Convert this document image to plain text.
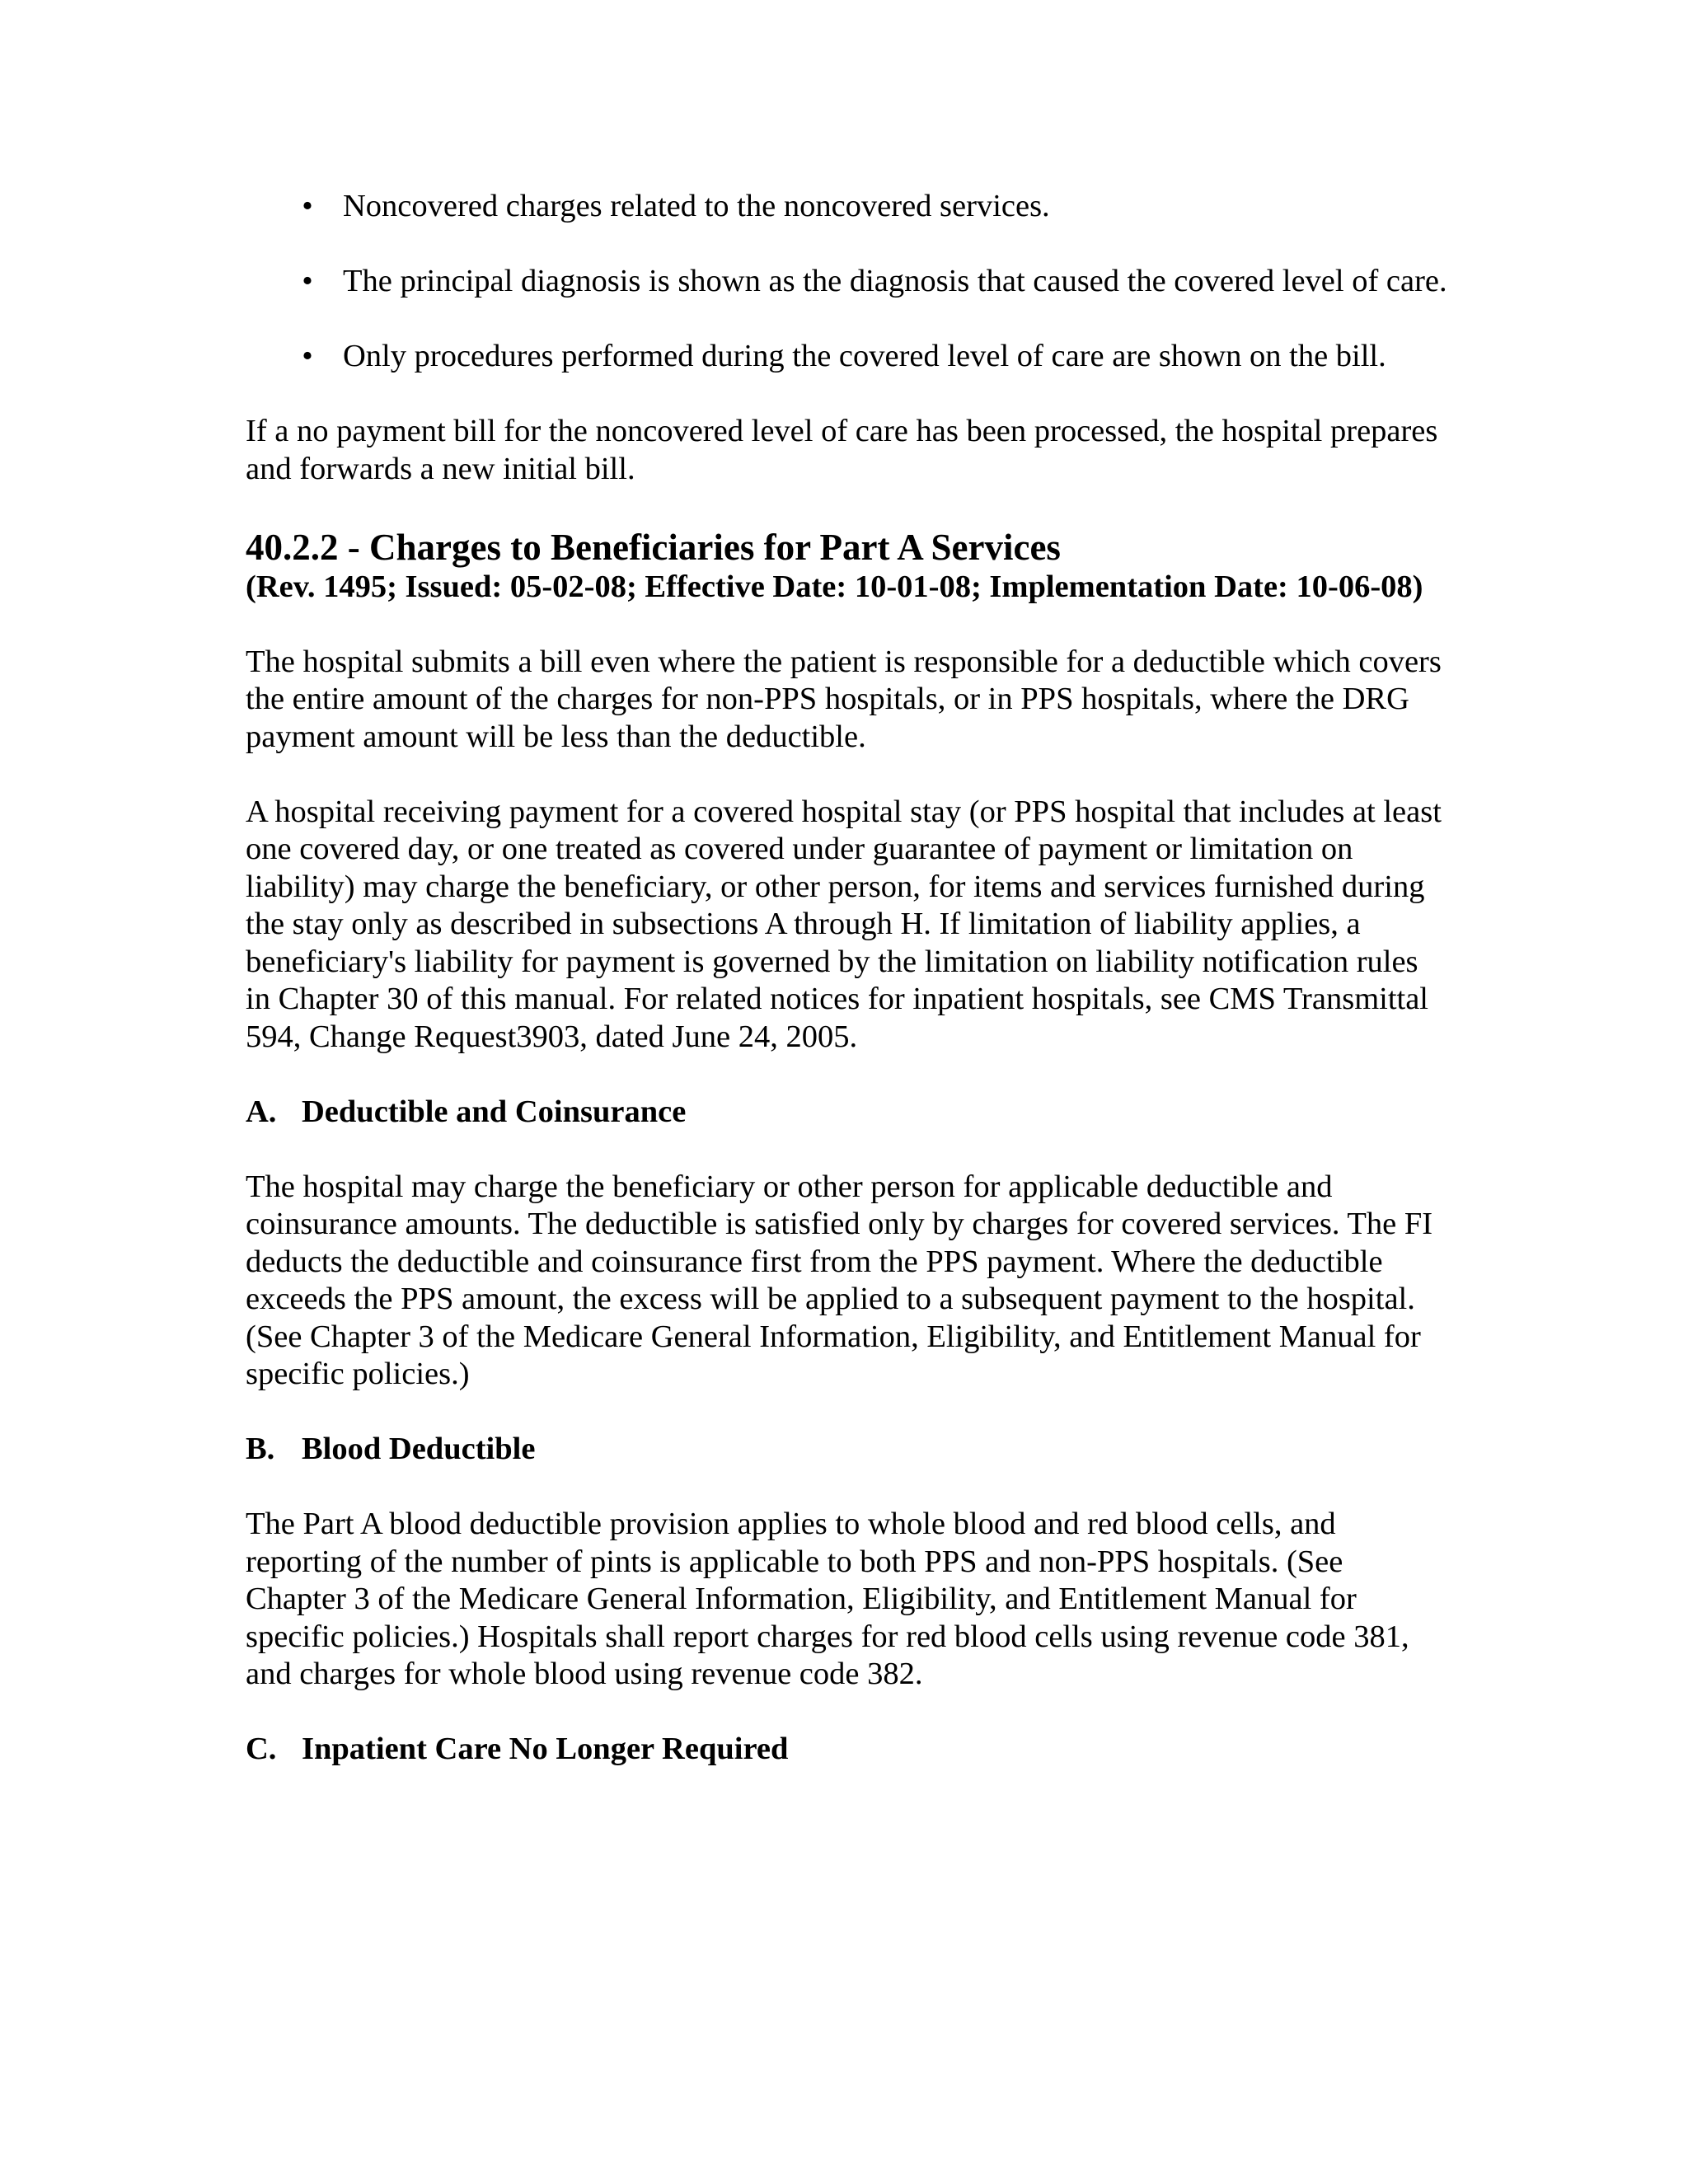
• Noncovered charges related to the noncovered services.
• The principal diagnosis is shown as the diagnosis that caused the covered level of care.
• Only procedures performed during the covered level of care are shown on the bill.

If a no payment bill for the noncovered level of care has been processed, the hospital prepares and forwards a new initial bill.

40.2.2 - Charges to Beneficiaries for Part A Services
(Rev. 1495; Issued: 05-02-08; Effective Date: 10-01-08; Implementation Date: 10-06-08)

The hospital submits a bill even where the patient is responsible for a deductible which covers the entire amount of the charges for non-PPS hospitals, or in PPS hospitals, where the DRG payment amount will be less than the deductible.

A hospital receiving payment for a covered hospital stay (or PPS hospital that includes at least one covered day, or one treated as covered under guarantee of payment or limitation on liability) may charge the beneficiary, or other person, for items and services furnished during the stay only as described in subsections A through H. If limitation of liability applies, a beneficiary's liability for payment is governed by the limitation on liability notification rules in Chapter 30 of this manual. For related notices for inpatient hospitals, see CMS Transmittal 594, Change Request3903, dated June 24, 2005.

A. Deductible and Coinsurance

The hospital may charge the beneficiary or other person for applicable deductible and coinsurance amounts. The deductible is satisfied only by charges for covered services. The FI deducts the deductible and coinsurance first from the PPS payment. Where the deductible exceeds the PPS amount, the excess will be applied to a subsequent payment to the hospital. (See Chapter 3 of the Medicare General Information, Eligibility, and Entitlement Manual for specific policies.)

B. Blood Deductible

The Part A blood deductible provision applies to whole blood and red blood cells, and reporting of the number of pints is applicable to both PPS and non-PPS hospitals. (See Chapter 3 of the Medicare General Information, Eligibility, and Entitlement Manual for specific policies.) Hospitals shall report charges for red blood cells using revenue code 381, and charges for whole blood using revenue code 382.

C. Inpatient Care No Longer Required
